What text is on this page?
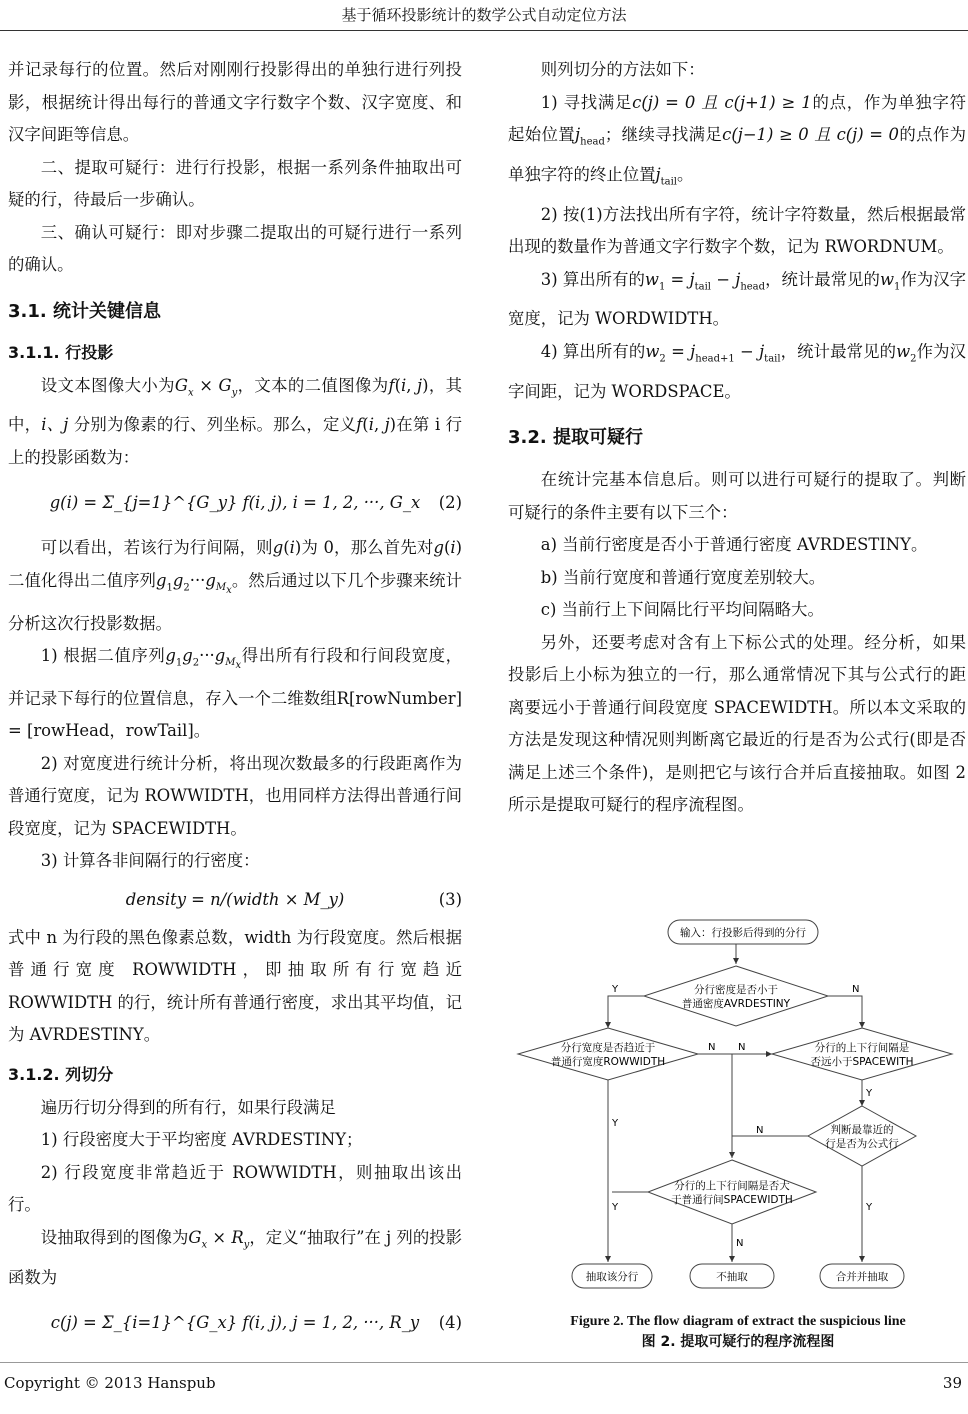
基于循环投影统计的数学公式自动定位方法

并记录每行的位置。然后对刚刚行投影得出的单独行进行列投影，根据统计得出每行的普通文字行数字个数、汉字宽度、和汉字间距等信息。

二、提取可疑行：进行行投影，根据一系列条件抽取出可疑的行，待最后一步确认。

三、确认可疑行：即对步骤二提取出的可疑行进行一系列的确认。

3.1. 统计关键信息
3.1.1. 行投影

设文本图像大小为$G_x \times G_y$，文本的二值图像为f(i, j)，其中，i、j 分别为像素的行、列坐标。那么，定义f(i, j)在第 i 行上的投影函数为：

g(i) = Σ_{j=1}^{G_y} f(i, j), i = 1, 2, ···, G_x (2)

可以看出，若该行为行间隔，则g(i)为 0，那么首先对g(i)二值化得出二值序列$g_1g_2\cdot\cdot\cdot g_{M_x}$。然后通过以下几个步骤来统计分析这次行投影数据。

1) 根据二值序列$g_1g_2\cdot\cdot\cdot g_{M_x}$得出所有行段和行间段宽度，并记录下每行的位置信息，存入一个二维数组R[rowNumber] = [rowHead，rowTail]。

2) 对宽度进行统计分析，将出现次数最多的行段距离作为普通行宽度，记为 ROWWIDTH，也用同样方法得出普通行间段宽度，记为 SPACEWIDTH。

3) 计算各非间隔行的行密度：

density = n/(width × M_y)	(3)

式中 n 为行段的黑色像素总数，width 为行段宽度。然后根据普通行宽度 ROWWIDTH，即抽取所有行宽趋近 ROWWIDTH 的行，统计所有普通行密度，求出其平均值，记为 AVRDESTINY。

3.1.2. 列切分

遍历行切分得到的所有行，如果行段满足

1) 行段密度大于平均密度 AVRDESTINY；

2) 行段宽度非常趋近于 ROWWIDTH，则抽取出该出行。

设抽取得到的图像为$G_x \times R_y$，定义“抽取行”在 j 列的投影函数为

c(j) = Σ_{i=1}^{G_x} f(i, j), j = 1, 2, ···, R_y (4)

则列切分的方法如下：

1) 寻找满足c(j) = 0 且 c(j+1) ≥ 1的点，作为单独字符起始位置$j_{head}$；继续寻找满足c(j−1) ≥ 0 且 c(j) = 0的点作为单独字符的终止位置$j_{tail}$。

2) 按(1)方法找出所有字符，统计字符数量，然后根据最常出现的数量作为普通文字行数字个数，记为 RWORDNUM。

3) 算出所有的$w_1 = j_{tail} - j_{head}$，统计最常见的$w_1$作为汉字宽度，记为 WORDWIDTH。

4) 算出所有的$w_2 = j_{head+1} - j_{tail}$，统计最常见的$w_2$作为汉字间距，记为 WORDSPACE。

3.2. 提取可疑行

在统计完基本信息后。则可以进行可疑行的提取了。判断可疑行的条件主要有以下三个：

a) 当前行密度是否小于普通行密度 AVRDESTINY。

b) 当前行宽度和普通行宽度差别较大。

c) 当前行上下间隔比行平均间隔略大。

另外，还要考虑对含有上下标公式的处理。经分析，如果投影后上小标为独立的一行，那么通常情况下其与公式行的距离要远小于普通行间段宽度 SPACEWIDTH。所以本文采取的方法是发现这种情况则判断离它最近的行是否为公式行(即是否满足上述三个条件)，是则把它与该行合并后直接抽取。如图 2 所示是提取可疑行的程序流程图。

输入：行投影后得到的分行
分行密度是否小于
普通密度AVRDESTINY
分行宽度是否趋近于
普通行宽度ROWWIDTH
分行的上下行间隔是
否远小于SPACEWITH
判断最靠近的
行是否为公式行
分行的上下行间隔是否大
于普通行间SPACEWIDTH
抽取该分行	不抽取	合并并抽取
Y	N
N N
Y
N
Y
Y
N
Y
Figure 2. The flow diagram of extract the suspicious line
图 2. 提取可疑行的程序流程图
Copyright © 2013 Hanspub	39
